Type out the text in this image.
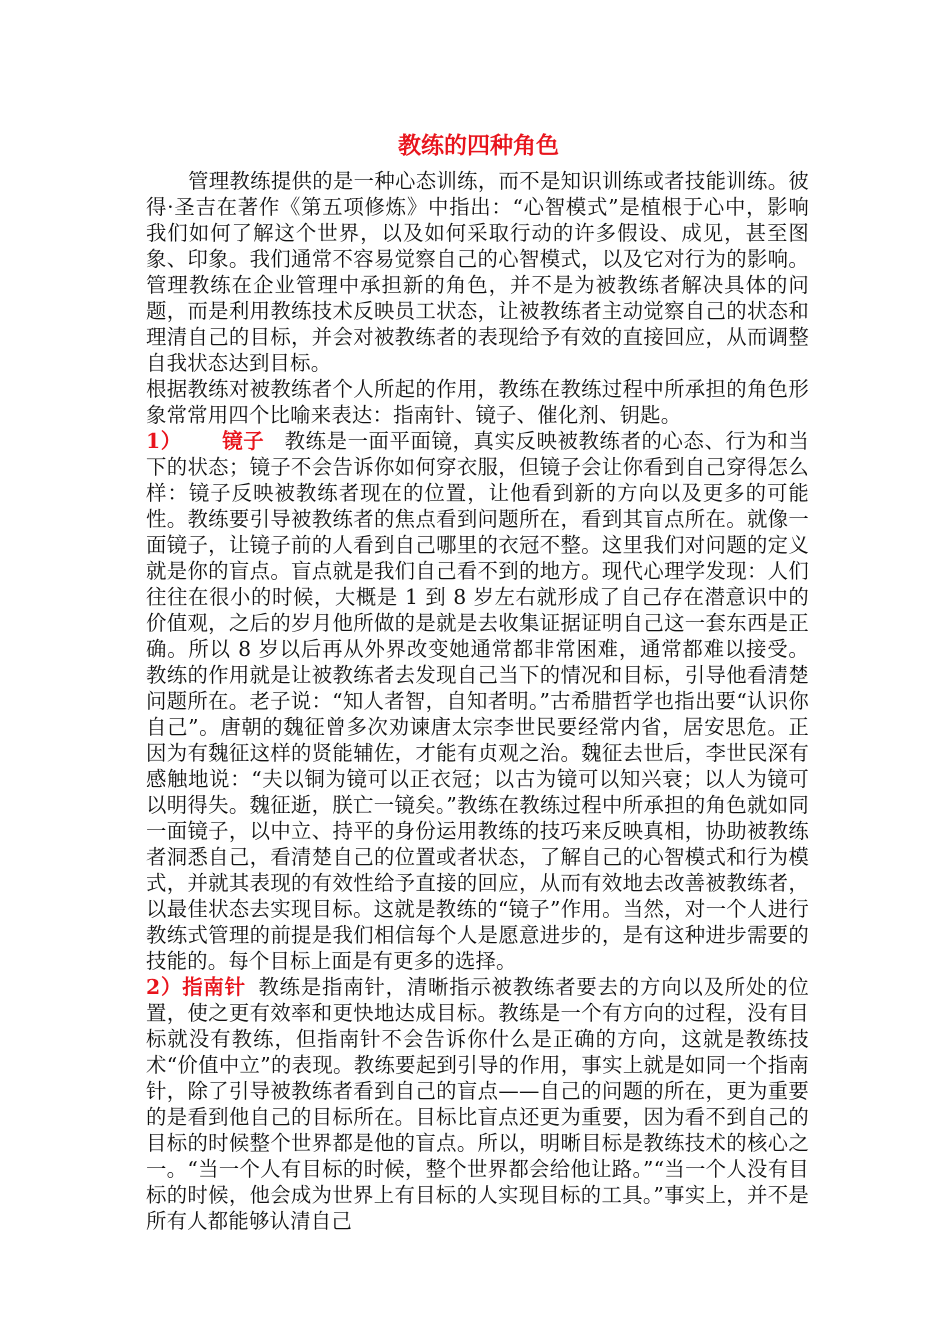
教练的四种角色

管理教练提供的是一种心态训练，而不是知识训练或者技能训练。彼得·圣吉在著作《第五项修炼》中指出：“心智模式”是植根于心中，影响我们如何了解这个世界，以及如何采取行动的许多假设、成见，甚至图象、印象。我们通常不容易觉察自己的心智模式，以及它对行为的影响。管理教练在企业管理中承担新的角色，并不是为被教练者解决具体的问题，而是利用教练技术反映员工状态，让被教练者主动觉察自己的状态和理清自己的目标，并会对被教练者的表现给予有效的直接回应，从而调整自我状态达到目标。

根据教练对被教练者个人所起的作用，教练在教练过程中所承担的角色形象常常用四个比喻来表达：指南针、镜子、催化剂、钥匙。

1） 镜子 教练是一面平面镜，真实反映被教练者的心态、行为和当下的状态；镜子不会告诉你如何穿衣服，但镜子会让你看到自己穿得怎么样：镜子反映被教练者现在的位置，让他看到新的方向以及更多的可能性。教练要引导被教练者的焦点看到问题所在，看到其盲点所在。就像一面镜子，让镜子前的人看到自己哪里的衣冠不整。这里我们对问题的定义就是你的盲点。盲点就是我们自己看不到的地方。现代心理学发现：人们往往在很小的时候，大概是 1 到 8 岁左右就形成了自己存在潜意识中的价值观，之后的岁月他所做的是就是去收集证据证明自己这一套东西是正确。所以 8 岁以后再从外界改变她通常都非常困难，通常都难以接受。教练的作用就是让被教练者去发现自己当下的情况和目标，引导他看清楚问题所在。老子说：“知人者智，自知者明。”古希腊哲学也指出要“认识你自己”。唐朝的魏征曾多次劝谏唐太宗李世民要经常内省，居安思危。正因为有魏征这样的贤能辅佐，才能有贞观之治。魏征去世后，李世民深有感触地说：“夫以铜为镜可以正衣冠；以古为镜可以知兴衰；以人为镜可以明得失。魏征逝，朕亡一镜矣。”教练在教练过程中所承担的角色就如同一面镜子，以中立、持平的身份运用教练的技巧来反映真相，协助被教练者洞悉自己，看清楚自己的位置或者状态，了解自己的心智模式和行为模式，并就其表现的有效性给予直接的回应，从而有效地去改善被教练者，以最佳状态去实现目标。这就是教练的“镜子”作用。当然，对一个人进行教练式管理的前提是我们相信每个人是愿意进步的，是有这种进步需要的技能的。每个目标上面是有更多的选择。

2）指南针 教练是指南针，清晰指示被教练者要去的方向以及所处的位置，使之更有效率和更快地达成目标。教练是一个有方向的过程，没有目标就没有教练，但指南针不会告诉你什么是正确的方向，这就是教练技术“价值中立”的表现。教练要起到引导的作用，事实上就是如同一个指南针，除了引导被教练者看到自己的盲点——自己的问题的所在，更为重要的是看到他自己的目标所在。目标比盲点还更为重要，因为看不到自己的目标的时候整个世界都是他的盲点。所以，明晰目标是教练技术的核心之一。“当一个人有目标的时候，整个世界都会给他让路。”“当一个人没有目标的时候，他会成为世界上有目标的人实现目标的工具。”事实上，并不是所有人都能够认清自己
